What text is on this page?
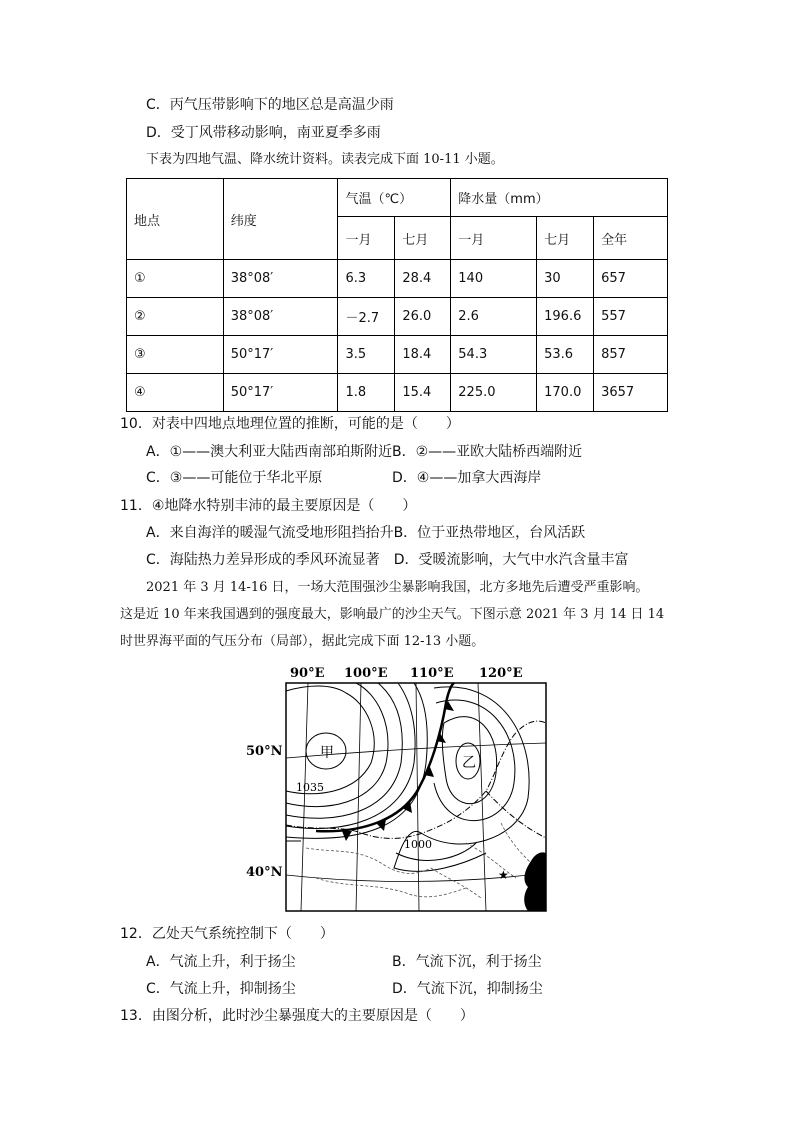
C．丙气压带影响下的地区总是高温少雨
D．受丁风带移动影响，南亚夏季多雨
下表为四地气温、降水统计资料。读表完成下面 10-11 小题。
地点	纬度	气温（℃）		降水量（mm）		
		一月	七月	一月	七月	全年
①	38°08′	6.3	28.4	140	30	657
②	38°08′	－2.7	26.0	2.6	196.6	557
③	50°17′	3.5	18.4	54.3	53.6	857
④	50°17′	1.8	15.4	225.0	170.0	3657
10．对表中四地点地理位置的推断，可能的是（　　）
A．①——澳大利亚大陆西南部珀斯附近 B．②——亚欧大陆桥西端附近
C．③——可能位于华北平原	D．④——加拿大西海岸
11．④地降水特别丰沛的最主要原因是（　　）
A．来自海洋的暖湿气流受地形阻挡抬升B．位于亚热带地区，台风活跃
C．海陆热力差异形成的季风环流显著　D．受暖流影响，大气中水汽含量丰富
2021 年 3 月 14-16 日，一场大范围强沙尘暴影响我国，北方多地先后遭受严重影响。
这是近 10 年来我国遇到的强度最大，影响最广的沙尘天气。下图示意 2021 年 3 月 14 日 14
时世界海平面的气压分布（局部），据此完成下面 12-13 小题。
★
90°E 100°E 110°E 120°E
50°N
40°N
甲
乙
1035
1000
12．乙处天气系统控制下（　　）
A．气流上升，利于扬尘	B．气流下沉，利于扬尘
C．气流上升，抑制扬尘	D．气流下沉，抑制扬尘
13．由图分析，此时沙尘暴强度大的主要原因是（　　）
